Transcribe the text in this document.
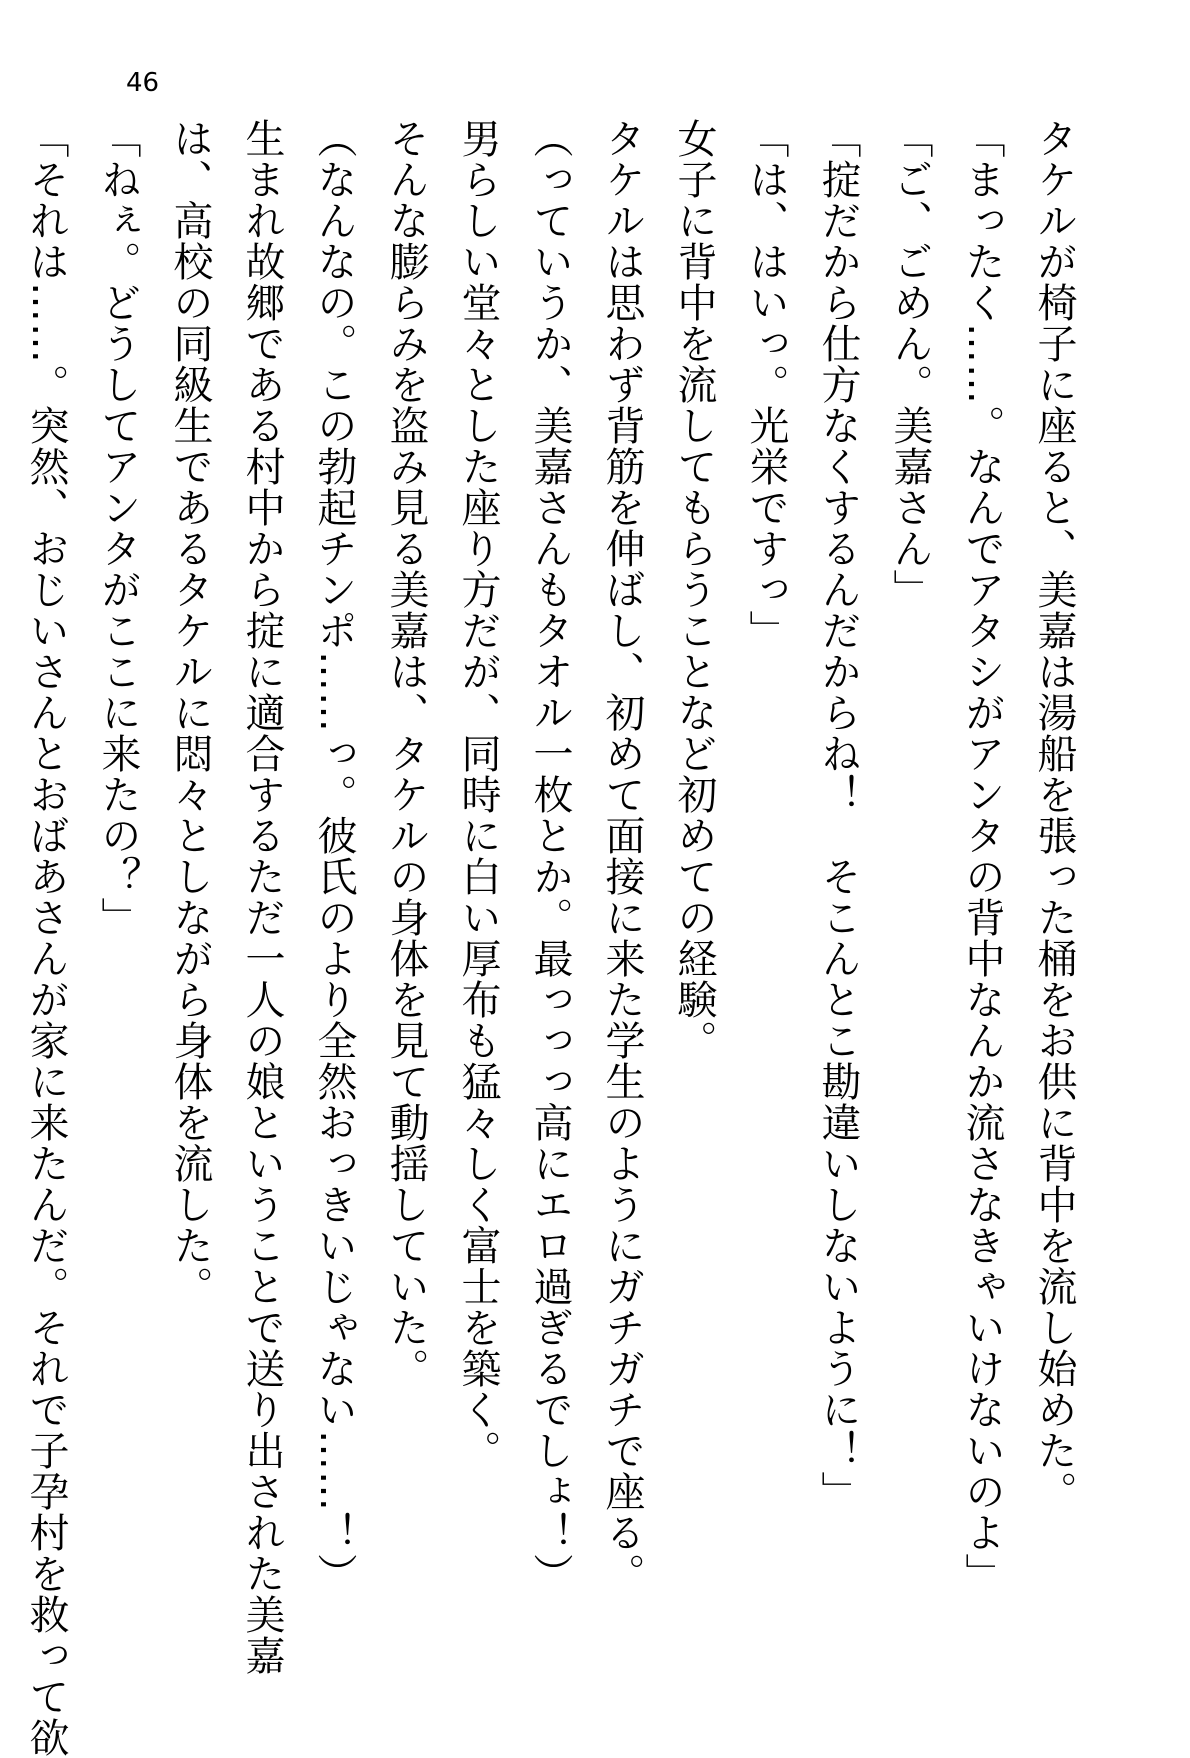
46
タケルが椅子に座ると、美嘉は湯船を張った桶をお供に背中を流し始めた。
「まったく……。なんでアタシがアンタの背中なんか流さなきゃいけないのよ」
「ご、ごめん。美嘉さん」
「掟だから仕方なくするんだからね！　そこんとこ勘違いしないように！」
「は、はいっ。光栄ですっ」
女子に背中を流してもらうことなど初めての経験。
タケルは思わず背筋を伸ばし、初めて面接に来た学生のようにガチガチで座る。
（っていうか、美嘉さんもタオル一枚とか。最っっっ高にエロ過ぎるでしょ！）
男らしい堂々とした座り方だが、同時に白い厚布も猛々しく富士を築く。
そんな膨らみを盗み見る美嘉は、タケルの身体を見て動揺していた。
（なんなの。この勃起チンポ……っ。彼氏のより全然おっきいじゃない……！）
生まれ故郷である村中から掟に適合するただ一人の娘ということで送り出された美嘉
は、高校の同級生であるタケルに悶々としながら身体を流した。
「ねぇ。どうしてアンタがここに来たの？」
「それは……。突然、おじいさんとおばあさんが家に来たんだ。それで子孕村を救って欲
